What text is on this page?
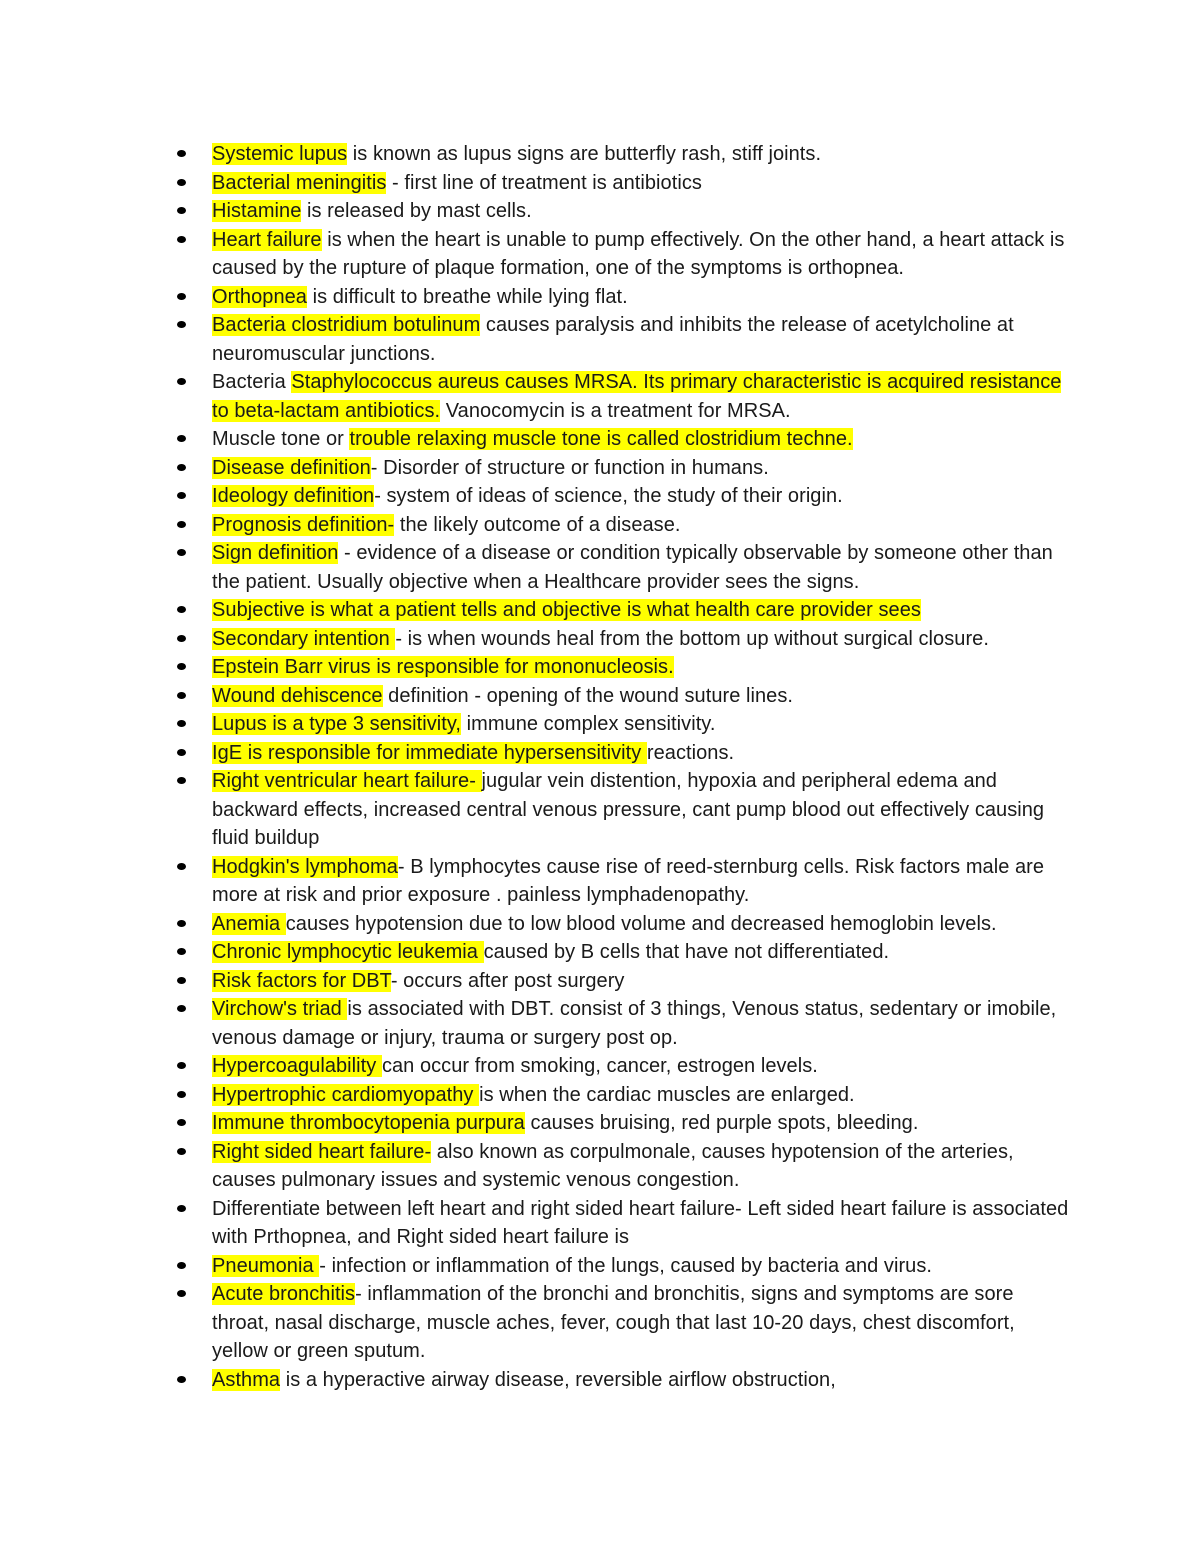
Systemic lupus is known as lupus signs are butterfly rash, stiff joints.
Bacterial meningitis - first line of treatment is antibiotics
Histamine is released by mast cells.
Heart failure is when the heart is unable to pump effectively. On the other hand, a heart attack is caused by the rupture of plaque formation, one of the symptoms is orthopnea.
Orthopnea is difficult to breathe while lying flat.
Bacteria clostridium botulinum causes paralysis and inhibits the release of acetylcholine at neuromuscular junctions.
Bacteria Staphylococcus aureus causes MRSA. Its primary characteristic is acquired resistance to beta-lactam antibiotics. Vanocomycin is a treatment for MRSA.
Muscle tone or trouble relaxing muscle tone is called clostridium techne.
Disease definition- Disorder of structure or function in humans.
Ideology definition- system of ideas of science, the study of their origin.
Prognosis definition- the likely outcome of a disease.
Sign definition - evidence of a disease or condition typically observable by someone other than the patient. Usually objective when a Healthcare provider sees the signs.
Subjective is what a patient tells and objective is what health care provider sees
Secondary intention - is when wounds heal from the bottom up without surgical closure.
Epstein Barr virus is responsible for mononucleosis.
Wound dehiscence definition - opening of the wound suture lines.
Lupus is a type 3 sensitivity, immune complex sensitivity.
IgE is responsible for immediate hypersensitivity reactions.
Right ventricular heart failure- jugular vein distention, hypoxia and peripheral edema and backward effects, increased central venous pressure, cant pump blood out effectively causing fluid buildup
Hodgkin's lymphoma- B lymphocytes cause rise of reed-sternburg cells. Risk factors male are more at risk and prior exposure . painless lymphadenopathy.
Anemia causes hypotension due to low blood volume and decreased hemoglobin levels.
Chronic lymphocytic leukemia caused by B cells that have not differentiated.
Risk factors for DBT- occurs after post surgery
Virchow's triad is associated with DBT. consist of 3 things, Venous status, sedentary or imobile, venous damage or injury, trauma or surgery post op.
Hypercoagulability can occur from smoking, cancer, estrogen levels.
Hypertrophic cardiomyopathy is when the cardiac muscles are enlarged.
Immune thrombocytopenia purpura causes bruising, red purple spots, bleeding.
Right sided heart failure- also known as corpulmonale, causes hypotension of the arteries, causes pulmonary issues and systemic venous congestion.
Differentiate between left heart and right sided heart failure- Left sided heart failure is associated with Prthopnea, and Right sided heart failure is
Pneumonia - infection or inflammation of the lungs, caused by bacteria and virus.
Acute bronchitis- inflammation of the bronchi and bronchitis, signs and symptoms are sore throat, nasal discharge, muscle aches, fever, cough that last 10-20 days, chest discomfort, yellow or green sputum.
Asthma is a hyperactive airway disease, reversible airflow obstruction,
